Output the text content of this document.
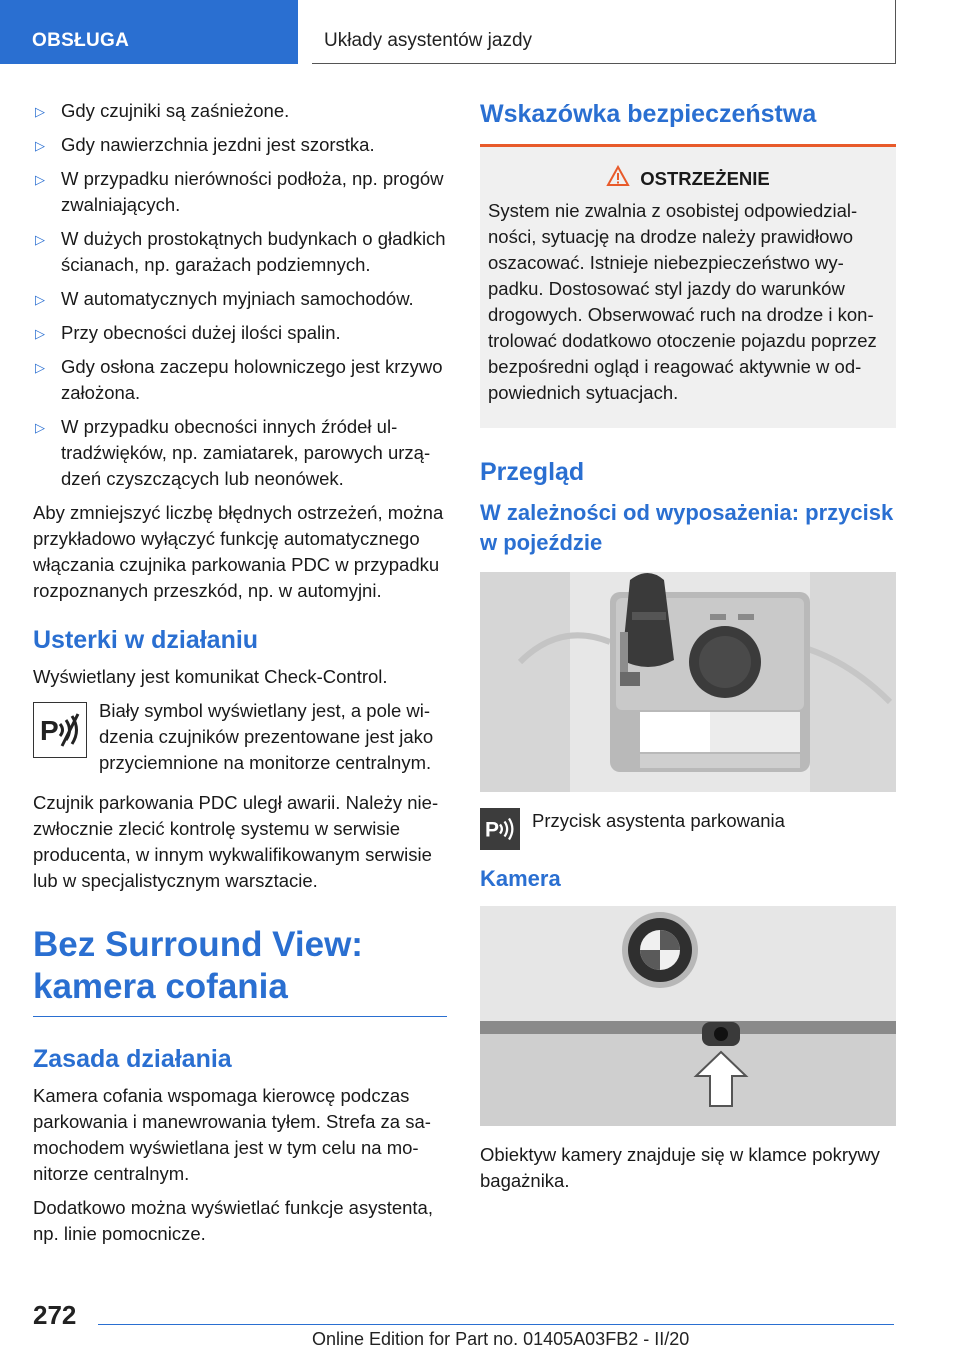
OBSŁUGA	Układy asystentów jazdy
▷ Gdy czujniki są zaśnieżone.
▷ Gdy nawierzchnia jezdni jest szorstka.
▷ W przypadku nierówności podłoża, np. progów zwalniających.
▷ W dużych prostokątnych budynkach o gładkich ścianach, np. garażach podziemnych.
▷ W automatycznych myjniach samochodów.
▷ Przy obecności dużej ilości spalin.
▷ Gdy osłona zaczepu holowniczego jest krzywo założona.
▷ W przypadku obecności innych źródeł ultradźwięków, np. zamiatarek, parowych urządzeń czyszczących lub neonówek.

Aby zmniejszyć liczbę błędnych ostrzeżeń, można przykładowo wyłączyć funkcję automatycznego włączania czujnika parkowania PDC w przypadku rozpoznanych przeszkód, np. w automyjni.

Usterki w działaniu

Wyświetlany jest komunikat Check-Control.

P

Biały symbol wyświetlany jest, a pole widzenia czujników prezentowane jest jako przyciemnione na monitorze centralnym.

Czujnik parkowania PDC uległ awarii. Należy niezwłocznie zlecić kontrolę systemu w serwisie producenta, w innym wykwalifikowanym serwisie lub w specjalistycznym warsztacie.

Bez Surround View: kamera cofania
Zasada działania

Kamera cofania wspomaga kierowcę podczas parkowania i manewrowania tyłem. Strefa za samochodem wyświetlana jest w tym celu na monitorze centralnym.

Dodatkowo można wyświetlać funkcje asystenta, np. linie pomocnicze.

Wskazówka bezpieczeństwa
OSTRZEŻENIE

System nie zwalnia z osobistej odpowiedzialności, sytuację na drodze należy prawidłowo oszacować. Istnieje niebezpieczeństwo wypadku. Dostosować styl jazdy do warunków drogowych. Obserwować ruch na drodze i kontrolować dodatkowo otoczenie pojazdu poprzez bezpośredni ogląd i reagować aktywnie w odpowiednich sytuacjach.

Przegląd
W zależności od wyposażenia: przycisk w pojeździe
P Przycisk asystenta parkowania

Kamera

Obiektyw kamery znajduje się w klamce pokrywy bagażnika.

272
Online Edition for Part no. 01405A03FB2 - II/20
